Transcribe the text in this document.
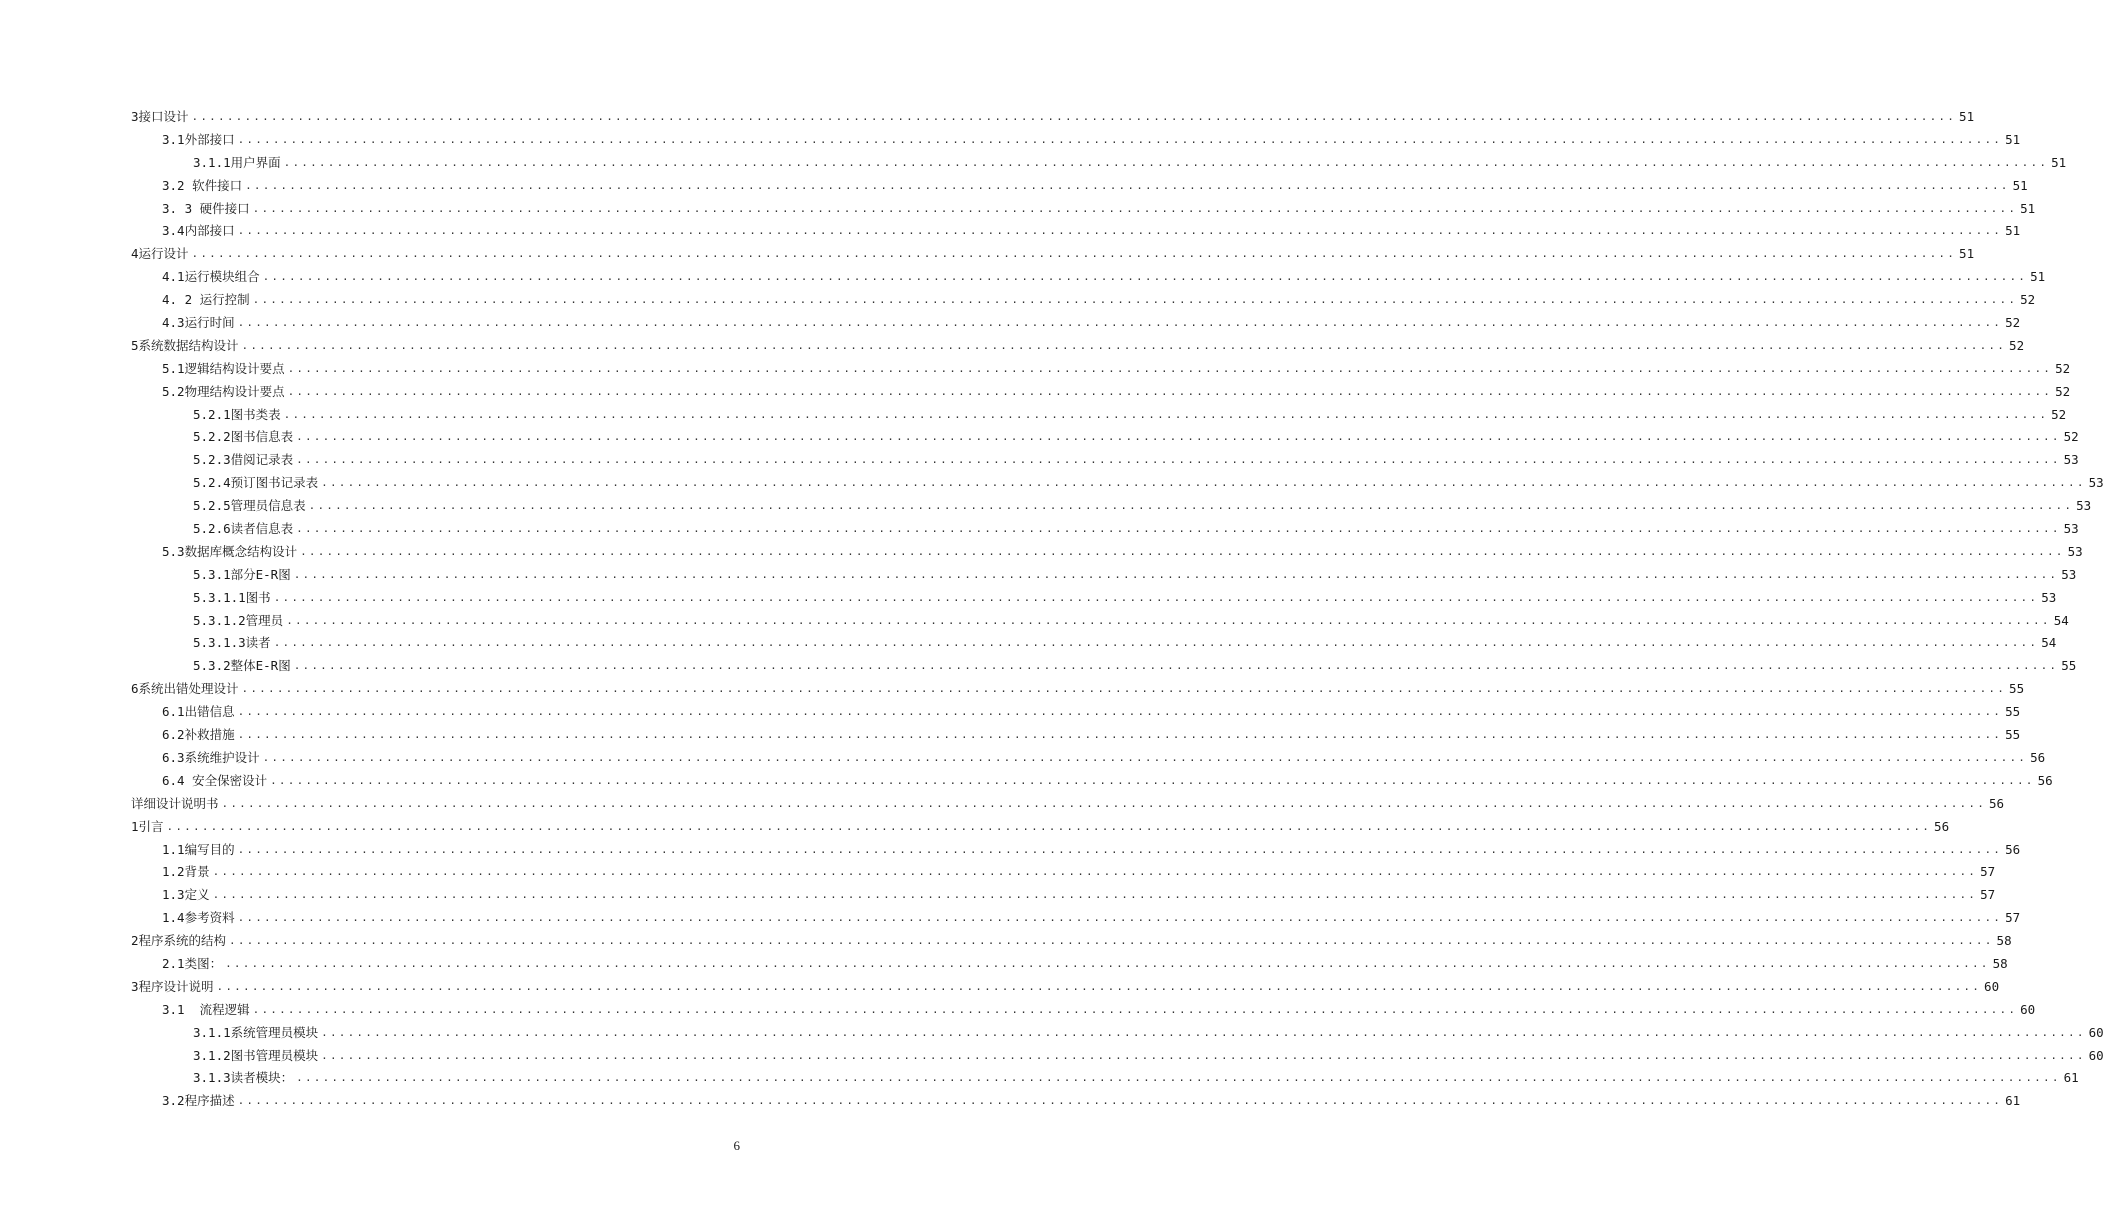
3接口设计 ........................................................................................................................................................................................................ 51
3.1外部接口 ........................................................................................................................................................................................................ 51
3.1.1用户界面 ........................................................................................................................................................................................................ 51
3.2 软件接口 ........................................................................................................................................................................................................ 51
3. 3 硬件接口 ........................................................................................................................................................................................................ 51
3.4内部接口 ........................................................................................................................................................................................................ 51
4运行设计 ........................................................................................................................................................................................................ 51
4.1运行模块组合 ........................................................................................................................................................................................................ 51
4. 2 运行控制 ........................................................................................................................................................................................................ 52
4.3运行时间 ........................................................................................................................................................................................................ 52
5系统数据结构设计 ........................................................................................................................................................................................................ 52
5.1逻辑结构设计要点 ........................................................................................................................................................................................................ 52
5.2物理结构设计要点 ........................................................................................................................................................................................................ 52
5.2.1图书类表 ........................................................................................................................................................................................................ 52
5.2.2图书信息表 ........................................................................................................................................................................................................ 52
5.2.3借阅记录表 ........................................................................................................................................................................................................ 53
5.2.4预订图书记录表 ........................................................................................................................................................................................................ 53
5.2.5管理员信息表 ........................................................................................................................................................................................................ 53
5.2.6读者信息表 ........................................................................................................................................................................................................ 53
5.3数据库概念结构设计 ........................................................................................................................................................................................................ 53
5.3.1部分E-R图 ........................................................................................................................................................................................................ 53
5.3.1.1图书 ........................................................................................................................................................................................................ 53
5.3.1.2管理员 ........................................................................................................................................................................................................ 54
5.3.1.3读者 ........................................................................................................................................................................................................ 54
5.3.2整体E-R图 ........................................................................................................................................................................................................ 55
6系统出错处理设计 ........................................................................................................................................................................................................ 55
6.1出错信息 ........................................................................................................................................................................................................ 55
6.2补救措施 ........................................................................................................................................................................................................ 55
6.3系统维护设计 ........................................................................................................................................................................................................ 56
6.4 安全保密设计 ........................................................................................................................................................................................................ 56
详细设计说明书 ........................................................................................................................................................................................................ 56
1引言 ........................................................................................................................................................................................................ 56
1.1编写目的 ........................................................................................................................................................................................................ 56
1.2背景 ........................................................................................................................................................................................................ 57
1.3定义 ........................................................................................................................................................................................................ 57
1.4参考资料 ........................................................................................................................................................................................................ 57
2程序系统的结构 ........................................................................................................................................................................................................ 58
2.1类图： ........................................................................................................................................................................................................ 58
3程序设计说明 ........................................................................................................................................................................................................ 60
3.1  流程逻辑 ........................................................................................................................................................................................................ 60
3.1.1系统管理员模块 ........................................................................................................................................................................................................ 60
3.1.2图书管理员模块 ........................................................................................................................................................................................................ 60
3.1.3读者模块： ........................................................................................................................................................................................................ 61
3.2程序描述 ........................................................................................................................................................................................................ 61
6
